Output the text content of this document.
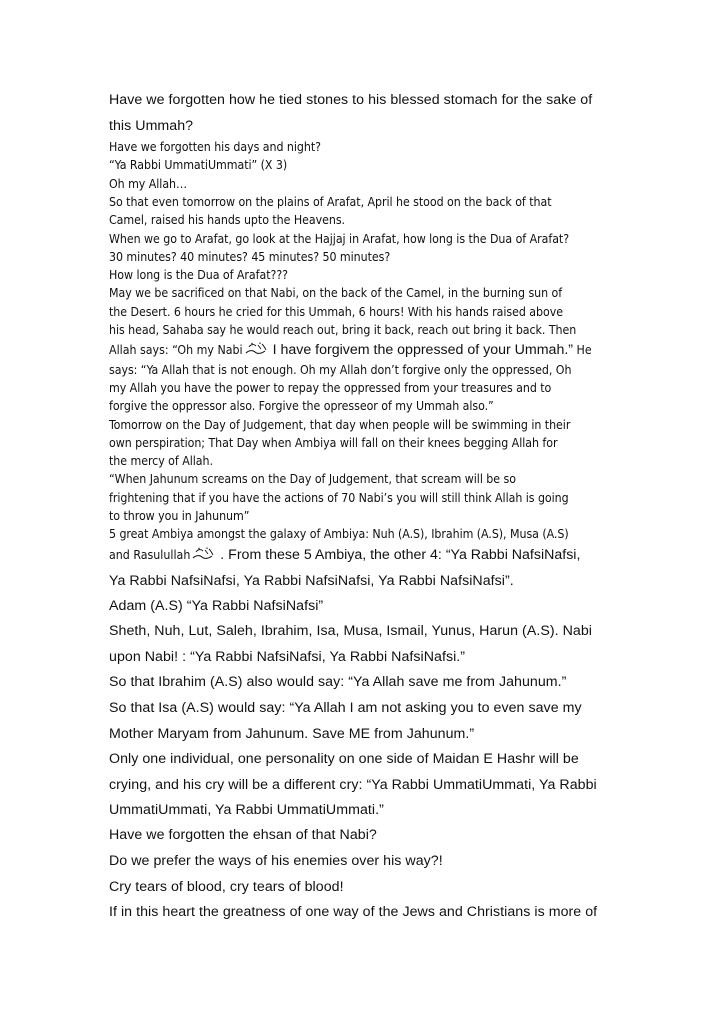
Have we forgotten how he tied stones to his blessed stomach for the sake of
this Ummah?
Have we forgotten his days and night?
“Ya Rabbi UmmatiUmmati” (X 3)
Oh my Allah…
So that even tomorrow on the plains of Arafat, April he stood on the back of that
Camel, raised his hands upto the Heavens.
When we go to Arafat, go look at the Hajjaj in Arafat, how long is the Dua of Arafat?
30 minutes? 40 minutes? 45 minutes? 50 minutes?
How long is the Dua of Arafat???
May we be sacrificed on that Nabi, on the back of the Camel, in the burning sun of
the Desert. 6 hours he cried for this Ummah, 6 hours! With his hands raised above
his head, Sahaba say he would reach out, bring it back, reach out bring it back. Then
Allah says: “Oh my Nabi I have forgivem the oppressed of your Ummah.” He
says: “Ya Allah that is not enough. Oh my Allah don’t forgive only the oppressed, Oh
my Allah you have the power to repay the oppressed from your treasures and to
forgive the oppressor also. Forgive the opresseor of my Ummah also.”
Tomorrow on the Day of Judgement, that day when people will be swimming in their
own perspiration; That Day when Ambiya will fall on their knees begging Allah for
the mercy of Allah.
“When Jahunum screams on the Day of Judgement, that scream will be so
frightening that if you have the actions of 70 Nabi’s you will still think Allah is going
to throw you in Jahunum”
5 great Ambiya amongst the galaxy of Ambiya: Nuh (A.S), Ibrahim (A.S), Musa (A.S)
and Rasulullah . From these 5 Ambiya, the other 4: “Ya Rabbi NafsiNafsi,
Ya Rabbi NafsiNafsi, Ya Rabbi NafsiNafsi, Ya Rabbi NafsiNafsi”.
Adam (A.S) “Ya Rabbi NafsiNafsi”
Sheth, Nuh, Lut, Saleh, Ibrahim, Isa, Musa, Ismail, Yunus, Harun (A.S). Nabi
upon Nabi! : “Ya Rabbi NafsiNafsi, Ya Rabbi NafsiNafsi.”
So that Ibrahim (A.S) also would say: “Ya Allah save me from Jahunum.”
So that Isa (A.S) would say: “Ya Allah I am not asking you to even save my
Mother Maryam from Jahunum. Save ME from Jahunum.”
Only one individual, one personality on one side of Maidan E Hashr will be
crying, and his cry will be a different cry: “Ya Rabbi UmmatiUmmati, Ya Rabbi
UmmatiUmmati, Ya Rabbi UmmatiUmmati.”
Have we forgotten the ehsan of that Nabi?
Do we prefer the ways of his enemies over his way?!
Cry tears of blood, cry tears of blood!
If in this heart the greatness of one way of the Jews and Christians is more of
